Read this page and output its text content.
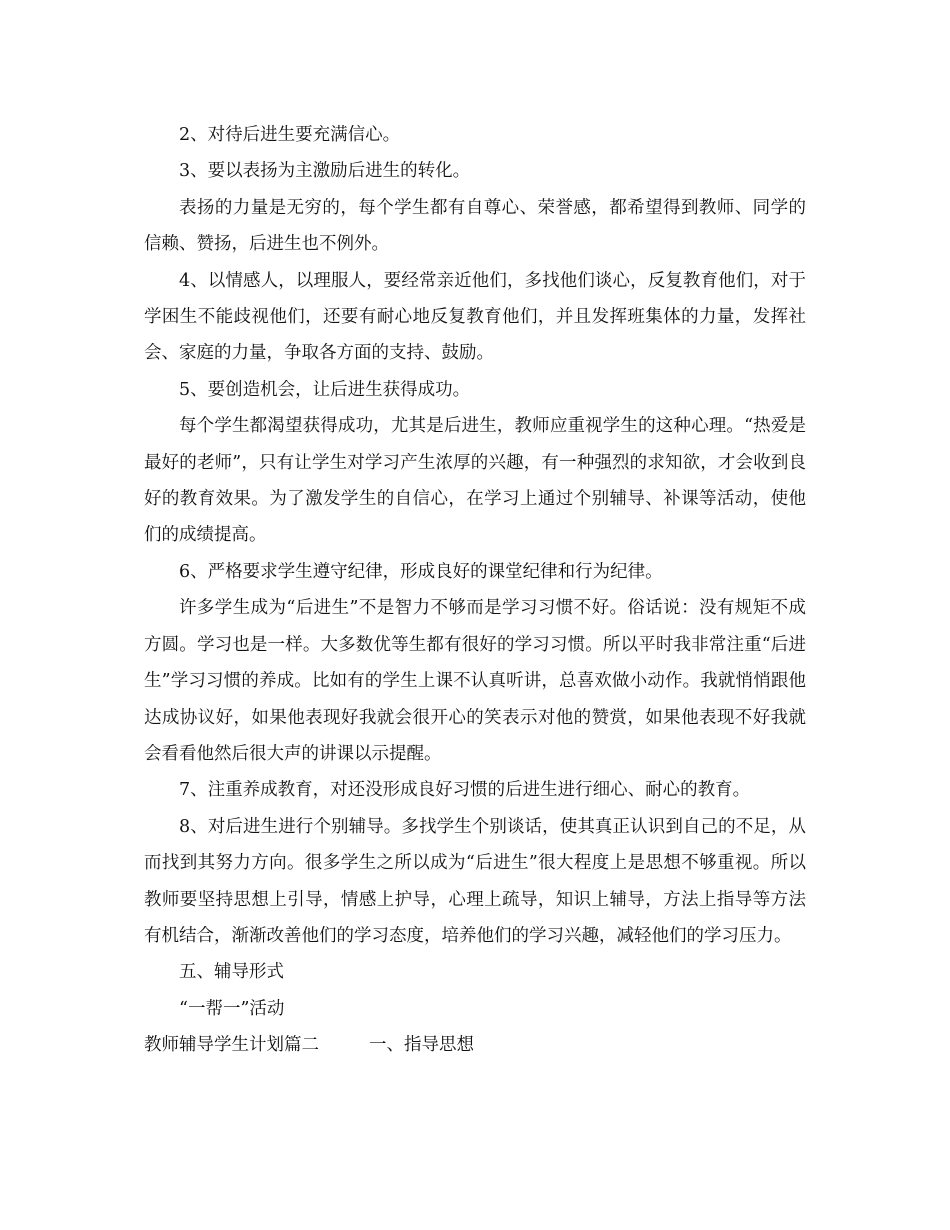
2、对待后进生要充满信心。

3、要以表扬为主激励后进生的转化。

表扬的力量是无穷的，每个学生都有自尊心、荣誉感，都希望得到教师、同学的信赖、赞扬，后进生也不例外。

4、以情感人，以理服人，要经常亲近他们，多找他们谈心，反复教育他们，对于学困生不能歧视他们，还要有耐心地反复教育他们，并且发挥班集体的力量，发挥社会、家庭的力量，争取各方面的支持、鼓励。

5、要创造机会，让后进生获得成功。

每个学生都渴望获得成功，尤其是后进生，教师应重视学生的这种心理。“热爱是最好的老师”，只有让学生对学习产生浓厚的兴趣，有一种强烈的求知欲，才会收到良好的教育效果。为了激发学生的自信心，在学习上通过个别辅导、补课等活动，使他们的成绩提高。

6、严格要求学生遵守纪律，形成良好的课堂纪律和行为纪律。

许多学生成为“后进生”不是智力不够而是学习习惯不好。俗话说：没有规矩不成方圆。学习也是一样。大多数优等生都有很好的学习习惯。所以平时我非常注重“后进生”学习习惯的养成。比如有的学生上课不认真听讲，总喜欢做小动作。我就悄悄跟他达成协议好，如果他表现好我就会很开心的笑表示对他的赞赏，如果他表现不好我就会看看他然后很大声的讲课以示提醒。

7、注重养成教育，对还没形成良好习惯的后进生进行细心、耐心的教育。

8、对后进生进行个别辅导。多找学生个别谈话，使其真正认识到自己的不足，从而找到其努力方向。很多学生之所以成为“后进生”很大程度上是思想不够重视。所以教师要坚持思想上引导，情感上护导，心理上疏导，知识上辅导，方法上指导等方法有机结合，渐渐改善他们的学习态度，培养他们的学习兴趣，减轻他们的学习压力。

五、辅导形式

“一帮一”活动

教师辅导学生计划篇二	一、指导思想
